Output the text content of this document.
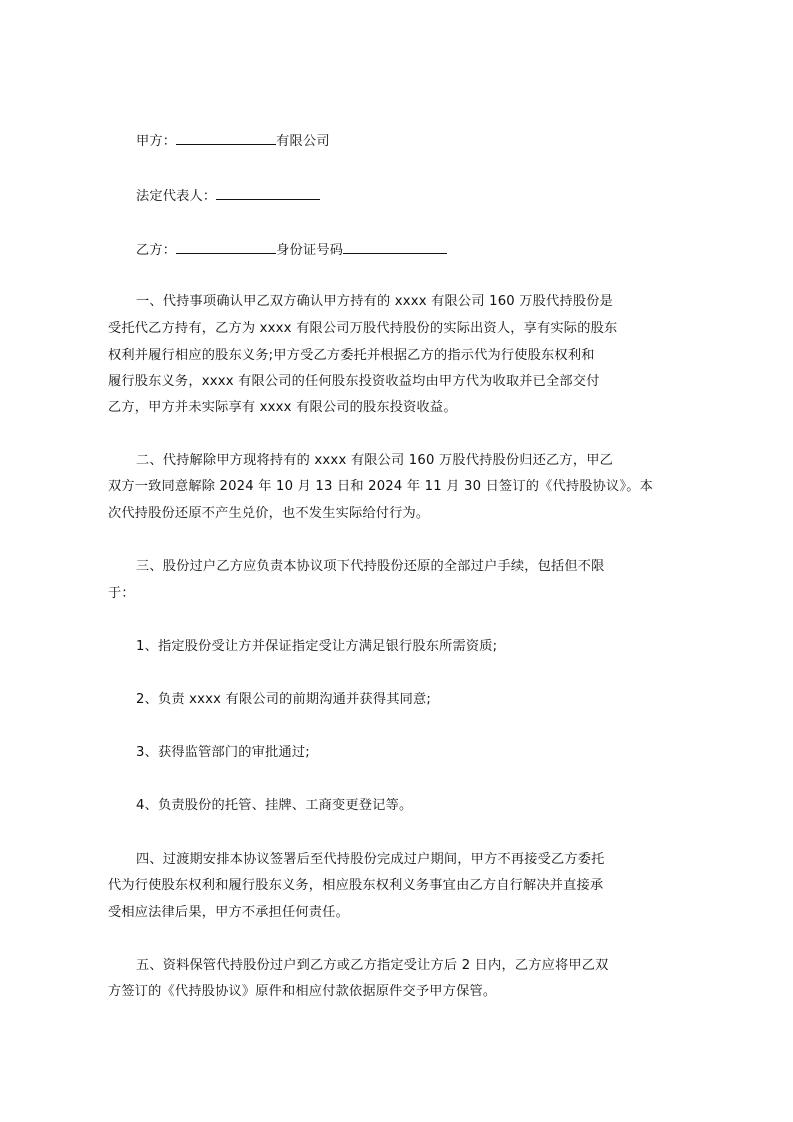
甲方：	有限公司
法定代表人：
乙方：	身份证号码
一、代持事项确认甲乙双方确认甲方持有的 xxxx 有限公司 160 万股代持股份是
受托代乙方持有，乙方为 xxxx 有限公司万股代持股份的实际出资人，享有实际的股东
权利并履行相应的股东义务;甲方受乙方委托并根据乙方的指示代为行使股东权利和
履行股东义务，xxxx 有限公司的任何股东投资收益均由甲方代为收取并已全部交付
乙方，甲方并未实际享有 xxxx 有限公司的股东投资收益。
二、代持解除甲方现将持有的 xxxx 有限公司 160 万股代持股份归还乙方，甲乙
双方一致同意解除 2024 年 10 月 13 日和 2024 年 11 月 30 日签订的《代持股协议》。本
次代持股份还原不产生兑价，也不发生实际给付行为。
三、股份过户乙方应负责本协议项下代持股份还原的全部过户手续，包括但不限
于：
1、指定股份受让方并保证指定受让方满足银行股东所需资质;
2、负责 xxxx 有限公司的前期沟通并获得其同意;
3、获得监管部门的审批通过;
4、负责股份的托管、挂牌、工商变更登记等。
四、过渡期安排本协议签署后至代持股份完成过户期间，甲方不再接受乙方委托
代为行使股东权利和履行股东义务，相应股东权利义务事宜由乙方自行解决并直接承
受相应法律后果，甲方不承担任何责任。
五、资料保管代持股份过户到乙方或乙方指定受让方后 2 日内，乙方应将甲乙双
方签订的《代持股协议》原件和相应付款依据原件交予甲方保管。
